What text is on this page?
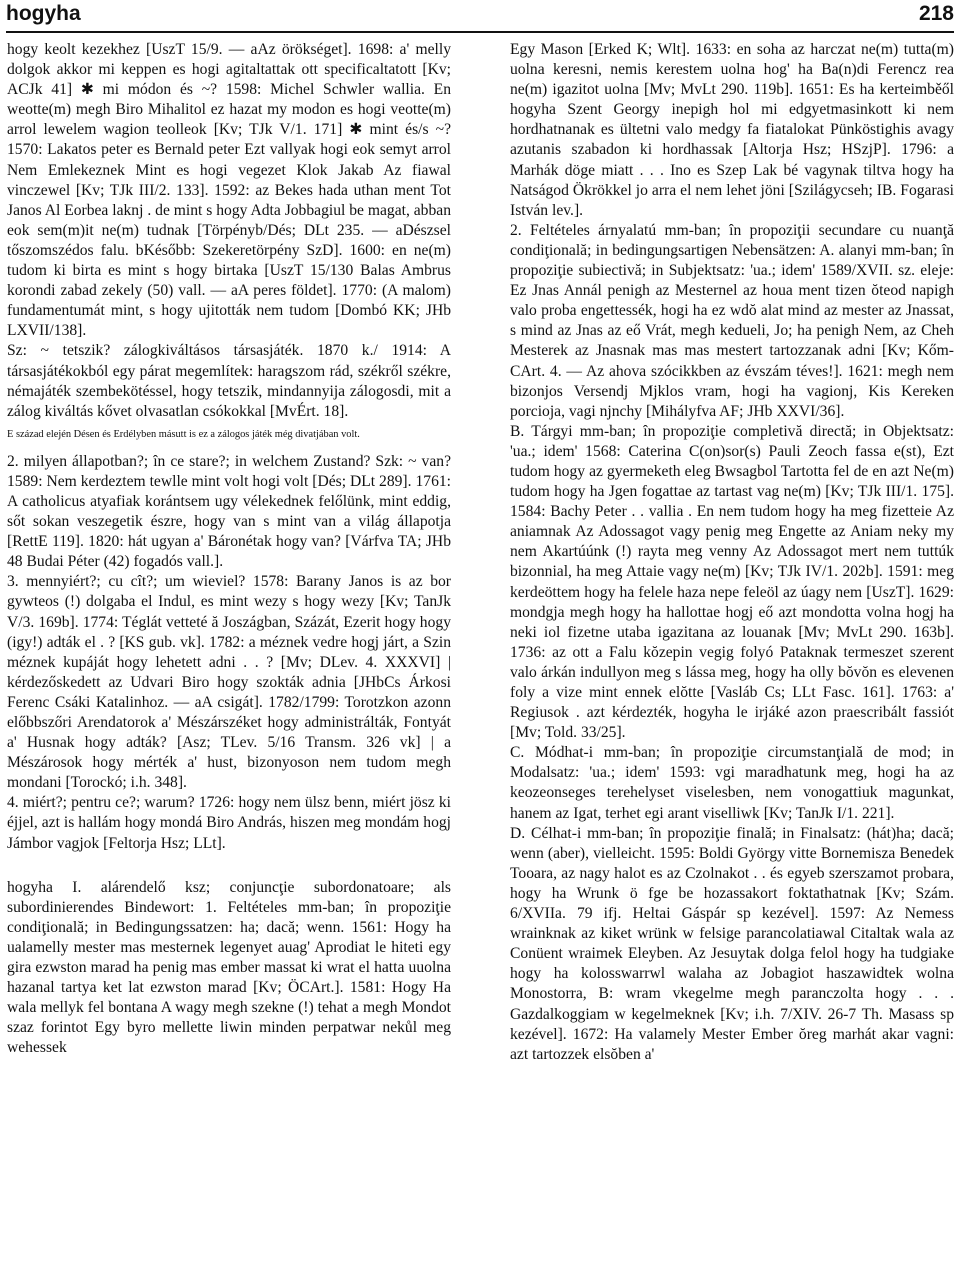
hogyha	218

hogy keolt kezekhez [UszT 15/9. — aAz örökséget]. 1698: a' melly dolgok akkor mi keppen es hogi agitaltattak ott specificaltatott [Kv; ACJk 41] ✱ mi módon és ~? 1598: Michel Schwler wallia. En weotte(m) megh Biro Mihalitol ez hazat my modon es hogi veotte(m) arrol lewelem wagion teolleok [Kv; TJk V/1. 171] ✱ mint és/s ~? 1570: Lakatos peter es Bernald peter Ezt vallyak hogi eok semyt arrol Nem Emlekeznek Mint es hogi vegezet Klok Jakab Az fiawal vinczewel [Kv; TJk III/2. 133]. 1592: az Bekes hada uthan ment Tot Janos Al Eorbea laknj . de mint s hogy Adta Jobbagiul be magat, abban eok sem(m)it ne(m) tudnak [Törpényb/Dés; DLt 235. — aDészsel tőszomszédos falu. bKésőbb: Szekeretörpény SzD]. 1600: en ne(m) tudom ki birta es mint s hogy birtaka [UszT 15/130 Balas Ambrus korondi zabad zekely (50) vall. — aA peres földet]. 1770: (A malom) fundamentumát mint, s hogy ujitották nem tudom [Dombó KK; JHb LXVII/138].

Sz: ~ tetszik? zálogkiváltásos társasjáték. 1870 k./ 1914: A társasjátékokból egy párat megemlítek: haragszom rád, székről székre, némajáték szembekötéssel, hogy tetszik, mindannyija zálogosdi, mit a zálog kiváltás kővet olvasatlan csókokkal [MvÉrt. 18].

E század elején Désen és Erdélyben másutt is ez a zálogos játék még divatjában volt.

2. milyen állapotban?; în ce stare?; in welchem Zustand? Szk: ~ van? 1589: Nem kerdeztem tewlle mint volt hogi volt [Dés; DLt 289]. 1761: A catholicus atyafiak korántsem ugy vélekednek felőlünk, mint eddig, sőt sokan veszegetik észre, hogy van s mint van a világ állapotja [RettE 119]. 1820: hát ugyan a' Báronétak hogy van? [Várfva TA; JHb 48 Budai Péter (42) fogadós vall.].

3. mennyiért?; cu cît?; um wieviel? 1578: Barany Janos is az bor gywteos (!) dolgaba el Indul, es mint wezy s hogy wezy [Kv; TanJk V/3. 169b]. 1774: Téglát vetteté ă Joszágban, Százát, Ezerit hogy hogy (igy!) adták el . ? [KS gub. vk]. 1782: a méznek vedre hogj járt, a Szin méznek kupáját hogy lehetett adni . . ? [Mv; DLev. 4. XXXVI] | kérdezőskedett az Udvari Biro hogy szokták adnia [JHbCs Árkosi Ferenc Csáki Katalinhoz. — aA csigát]. 1782/1799: Torotzkon azonn előbbszőri Arendatorok a' Mészárszéket hogy administrálták, Fontyát a' Husnak hogy adták? [Asz; TLev. 5/16 Transm. 326 vk] | a Mészárosok hogy mérték a' hust, bizonyoson nem tudom megh mondani [Torockó; i.h. 348].

4. miért?; pentru ce?; warum? 1726: hogy nem ülsz benn, miért jösz ki éjjel, azt is hallám hogy mondá Biro András, hiszen meg mondám hogj Jámbor vagjok [Feltorja Hsz; LLt].

hogyha I. alárendelő ksz; conjuncţie subordonatoare; als subordinierendes Bindewort: 1. Feltételes mm-ban; în propoziţie condiţională; in Bedingungssatzen: ha; dacă; wenn. 1561: Hogy ha ualamelly mester mas mesternek legenyet auag' Aprodiat le hiteti egy gira ezwston marad ha penig mas ember massat ki wrat el hatta uuolna hazanal tartya ket lat ezwston marad [Kv; ÖCArt.]. 1581: Hogy Ha wala mellyk fel bontana A wagy megh szekne (!) tehat a megh Mondot szaz forintot Egy byro mellette liwin minden perpatwar nekůl meg wehessek

Egy Mason [Erked K; Wlt]. 1633: en soha az harczat ne(m) tutta(m) uolna keresni, nemis kerestem uolna hog' ha Ba(n)di Ferencz rea ne(m) igazitot uolna [Mv; MvLt 290. 119b]. 1651: Es ha kerteimběől hogyha Szent Georgy inepigh hol mi edgyetmasinkott ki nem hordhatnanak es ültetni valo medgy fa fiatalokat Pünköstighis avagy azutanis szabadon ki hordhassak [Altorja Hsz; HSzjP]. 1796: a Marhák döge miatt . . . Ino es Szep Lak bé vagynak tiltva hogy ha Natságod Ökrökkel jo arra el nem lehet jöni [Szilágycseh; IB. Fogarasi István lev.].

2. Feltételes árnyalatú mm-ban; în propoziţii secundare cu nuanţă condiţională; in bedingungsartigen Nebensätzen: A. alanyi mm-ban; în propoziţie subiectivă; in Subjektsatz: 'ua.; idem' 1589/XVII. sz. eleje: Ez Jnas Annál penigh az Mesternel az houa ment tizen ŏteod napigh valo proba engettessék, hogi ha ez wdŏ alat mind az mester az Jnassat, s mind az Jnas az eő Vrát, megh kedueli, Jo; ha penigh Nem, az Cheh Mesterek az Jnasnak mas mas mestert tartozzanak adni [Kv; Kőm-CArt. 4. — Az ahova szócikkben az évszám téves!]. 1621: megh nem bizonjos Versendj Mjklos vram, hogi ha vagionj, Kis Kereken porcioja, vagi njnchy [Mihályfva AF; JHb XXVI/36].

B. Tárgyi mm-ban; în propoziţie completivă directă; in Objektsatz: 'ua.; idem' 1568: Caterina C(on)sor(s) Pauli Zeoch fassa e(st), Ezt tudom hogy az gyermeketh eleg Bwsagbol Tartotta fel de en azt Ne(m) tudom hogy ha Jgen fogattae az tartast vag ne(m) [Kv; TJk III/1. 175]. 1584: Bachy Peter . . vallia . En nem tudom hogy ha meg fizetteie Az aniamnak Az Adossagot vagy penig meg Engette az Aniam neky my nem Akartúúnk (!) rayta meg venny Az Adossagot mert nem tuttúk bizonnial, ha meg Attaie vagy ne(m) [Kv; TJk IV/1. 202b]. 1591: meg kerdeöttem hogy ha felele haza nepe feleöl az úagy nem [UszT]. 1629: mondgja megh hogy ha hallottae hogj eő azt mondotta volna hogj ha neki iol fizetne utaba igazitana az louanak [Mv; MvLt 290. 163b]. 1736: az ott a Falu kŏzepin vegig folyó Pataknak termeszet szerent valo árkán indullyon meg s lássa meg, hogy ha olly bŏvŏn es elevenen foly a vize mint ennek elŏtte [Vasláb Cs; LLt Fasc. 161]. 1763: a' Regiusok . azt kérdezték, hogyha le irjáké azon praescribált fassiót [Mv; Told. 33/25].

C. Módhat-i mm-ban; în propoziţie circumstanţială de mod; in Modalsatz: 'ua.; idem' 1593: vgi maradhatunk meg, hogi ha az keozeonseges terehelyset viselesben, nem vonogattiuk magunkat, hanem az Igat, terhet egi arant viselliwk [Kv; TanJk I/1. 221].

D. Célhat-i mm-ban; în propoziţie finală; in Finalsatz: (hát)ha; dacă; wenn (aber), vielleicht. 1595: Boldi György vitte Bornemisza Benedek Tooara, az nagy halot es az Czolnakot . . és egyeb szerszamot probara, hogy ha Wrunk ö fge be hozassakort foktathatnak [Kv; Szám. 6/XVIIa. 79 ifj. Heltai Gáspár sp kezével]. 1597: Az Nemess wrainknak az kiket wrünk w felsige parancolatiawal Citaltak wala az Conüent wraimek Eleyben. Az Jesuytak dolga felol hogy ha tudgiake hogy ha kolosswarrwl walaha az Jobagiot haszawidtek wolna Monostorra, B: wram vkegelme megh paranczolta hogy . . . Gazdalkoggiam w kegelmeknek [Kv; i.h. 7/XIV. 26-7 Th. Masass sp kezével]. 1672: Ha valamely Mester Ember ŏreg marhát akar vagni: azt tartozzek elsŏben a'
